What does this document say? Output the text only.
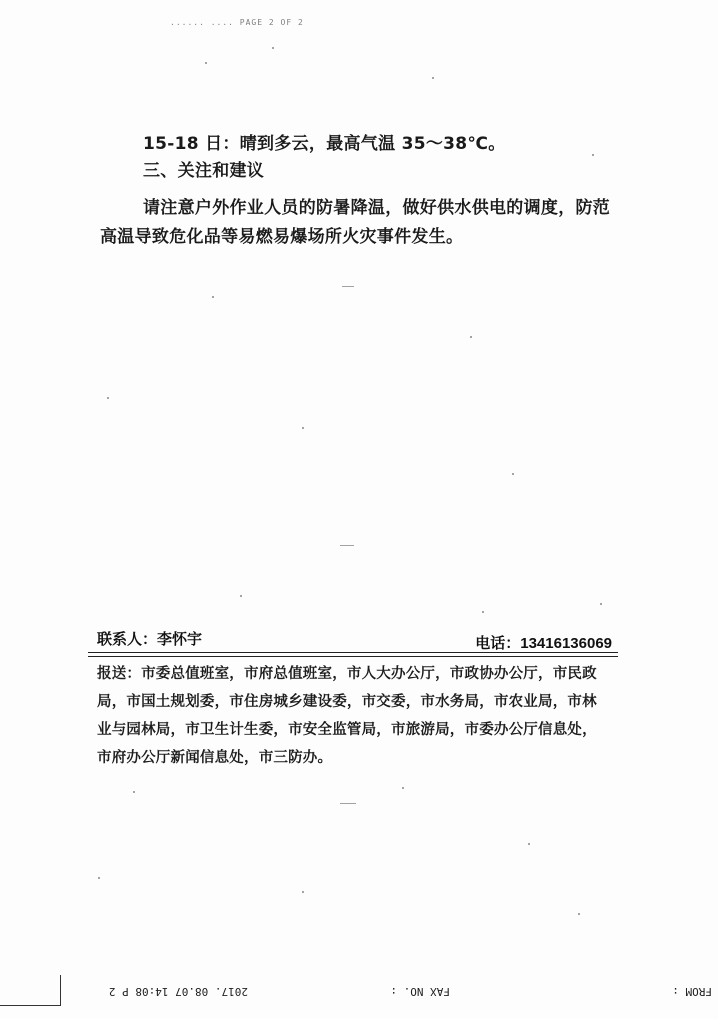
...... .... PAGE 2 OF 2
15-18 日：晴到多云，最高气温 35～38℃。
三、关注和建议
请注意户外作业人员的防暑降温，做好供水供电的调度，防范高温导致危化品等易燃易爆场所火灾事件发生。
联系人：李怀宇	电话：13416136069
报送：市委总值班室，市府总值班室，市人大办公厅，市政协办公厅，市民政局，市国土规划委，市住房城乡建设委，市交委，市水务局，市农业局，市林业与园林局，市卫生计生委，市安全监管局，市旅游局，市委办公厅信息处，市府办公厅新闻信息处，市三防办。
FROM :
FAX NO. :
2017. 08.07 14:08 P 2
